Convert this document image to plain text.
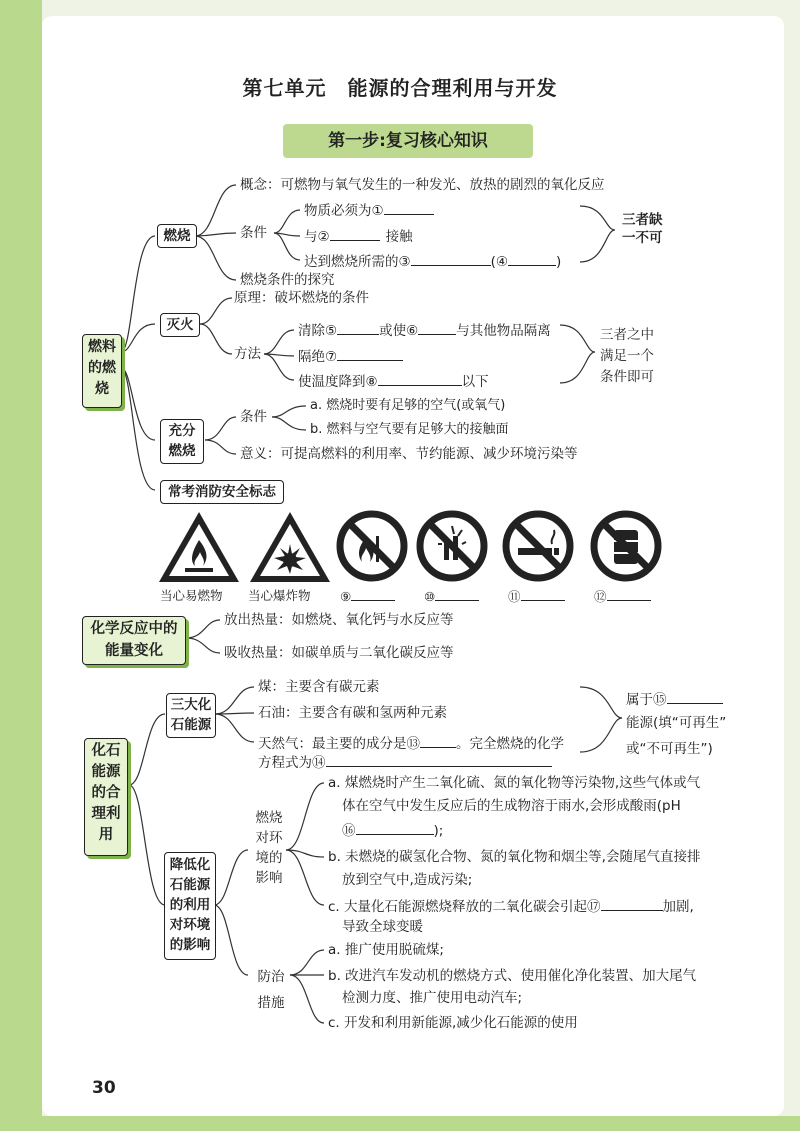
第七单元　能源的合理利用与开发
第一步:复习核心知识
燃料的燃烧
燃烧
概念：可燃物与氧气发生的一种发光、放热的剧烈的氧化反应
条件
物质必须为①
与②	接触
达到燃烧所需的③	(④	)
三者缺一不可
燃烧条件的探究
灭火
原理：破坏燃烧的条件
方法
清除⑤	或使⑥	与其他物品隔离
隔绝⑦
使温度降到⑧	以下
三者之中满足一个条件即可
充分燃烧
条件
a. 燃烧时要有足够的空气(或氧气)
b. 燃料与空气要有足够大的接触面
意义：可提高燃料的利用率、节约能源、减少环境污染等
常考消防安全标志
当心易燃物 当心爆炸物 ⑨	⑩	⑪	⑫
化学反应中的能量变化
放出热量：如燃烧、氧化钙与水反应等
吸收热量：如碳单质与二氧化碳反应等
化石能源的合理利用
三大化石能源
煤：主要含有碳元素
石油：主要含有碳和氢两种元素
天然气：最主要的成分是⑬	。完全燃烧的化学
方程式为⑭
属于⑮
能源(填“可再生”
或“不可再生”)
降低化石能源的利用对环境的影响
燃烧对环境的影响
a. 煤燃烧时产生二氧化硫、氮的氧化物等污染物,这些气体或气
体在空气中发生反应后的生成物溶于雨水,会形成酸雨(pH
⑯	);
b. 未燃烧的碳氢化合物、氮的氧化物和烟尘等,会随尾气直接排
放到空气中,造成污染;
c. 大量化石能源燃烧释放的二氧化碳会引起⑰	加剧,
导致全球变暖
防治措施
a. 推广使用脱硫煤;
b. 改进汽车发动机的燃烧方式、使用催化净化装置、加大尾气
检测力度、推广使用电动汽车;
c. 开发和利用新能源,减少化石能源的使用
30
